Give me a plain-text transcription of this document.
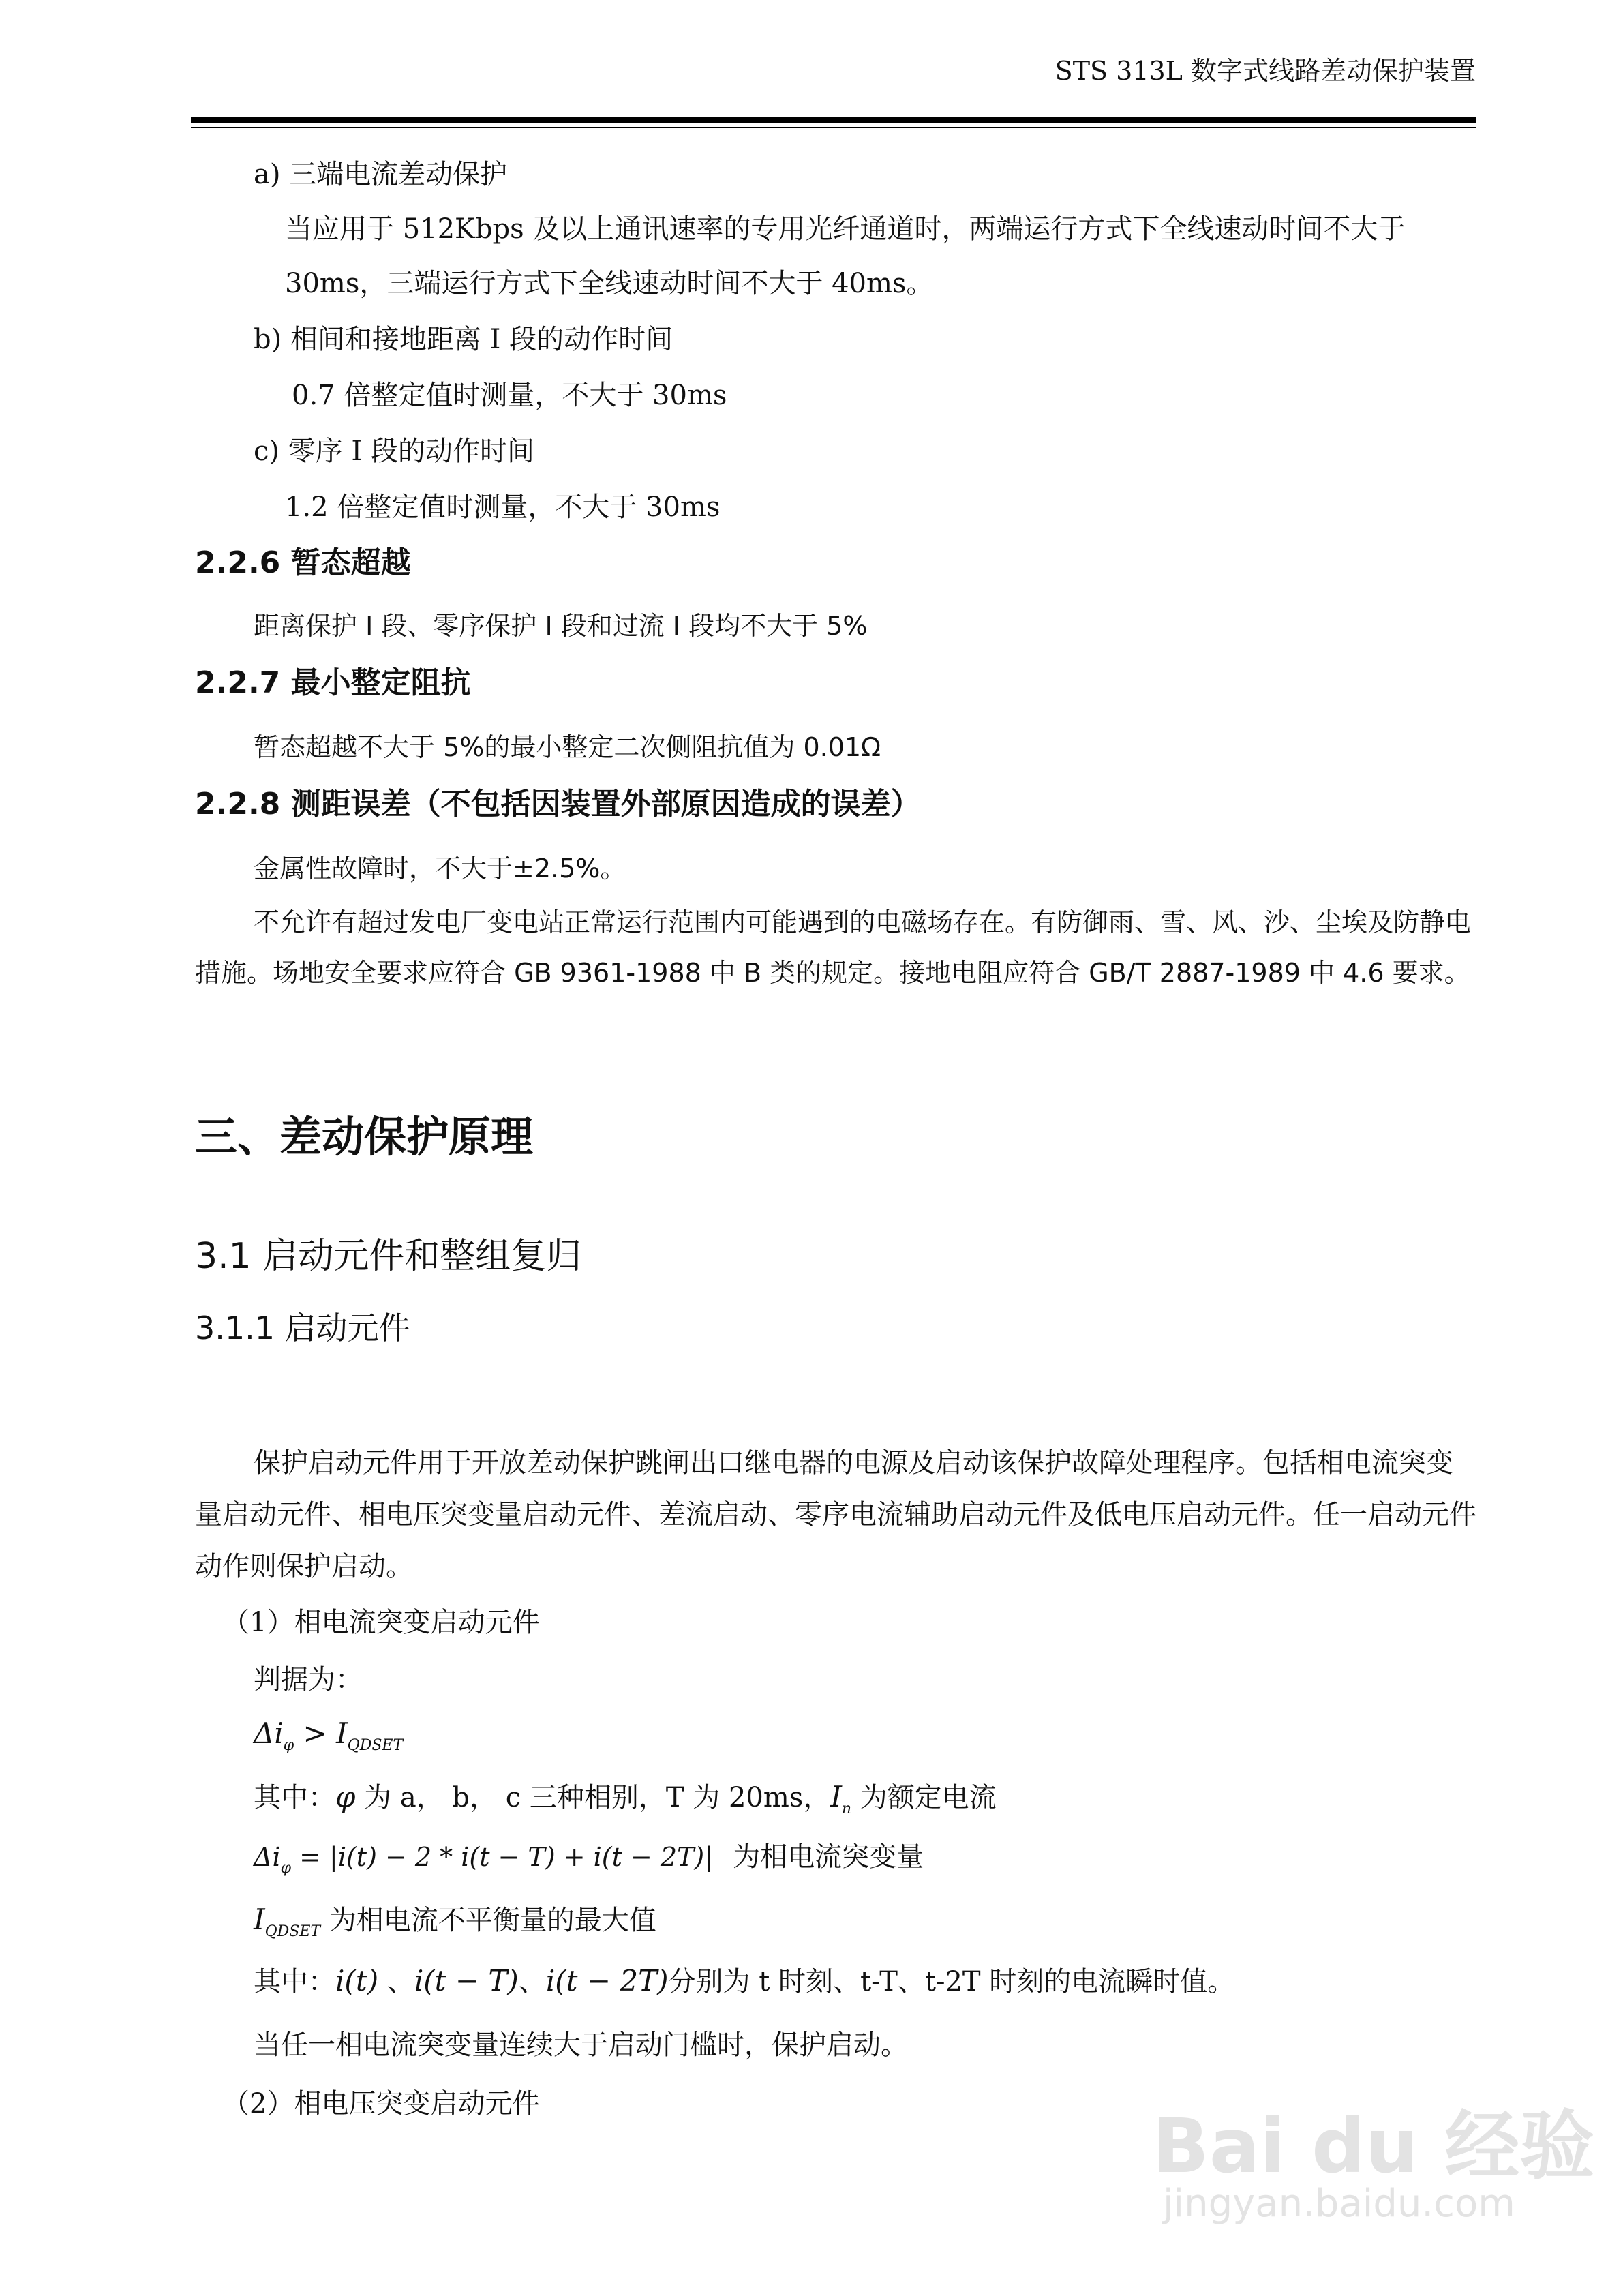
STS 313L 数字式线路差动保护装置
a) 三端电流差动保护
当应用于 512Kbps 及以上通讯速率的专用光纤通道时，两端运行方式下全线速动时间不大于
30ms，三端运行方式下全线速动时间不大于 40ms。
b) 相间和接地距离 I 段的动作时间
0.7 倍整定值时测量，不大于 30ms
c) 零序 I 段的动作时间
1.2 倍整定值时测量，不大于 30ms
2.2.6 暂态超越
距离保护 I 段、零序保护 I 段和过流 I 段均不大于 5%
2.2.7 最小整定阻抗
暂态超越不大于 5%的最小整定二次侧阻抗值为 0.01Ω
2.2.8 测距误差（不包括因装置外部原因造成的误差）
金属性故障时，不大于±2.5%。
不允许有超过发电厂变电站正常运行范围内可能遇到的电磁场存在。有防御雨、雪、风、沙、尘埃及防静电措施。场地安全要求应符合 GB 9361-1988 中 B 类的规定。接地电阻应符合 GB/T 2887-1989 中 4.6 要求。
三、差动保护原理
3.1 启动元件和整组复归
3.1.1 启动元件
保护启动元件用于开放差动保护跳闸出口继电器的电源及启动该保护故障处理程序。包括相电流突变量启动元件、相电压突变量启动元件、差流启动、零序电流辅助启动元件及低电压启动元件。任一启动元件动作则保护启动。
（1）相电流突变启动元件
判据为：
$\Delta i_\varphi > I_{QDSET}$
其中：φ 为 a， b， c 三种相别，T 为 20ms，$I_n$ 为额定电流
Δiφ = |i(t) − 2 * i(t − T) + i(t − 2T)| 为相电流突变量
$I_{QDSET}$ 为相电流不平衡量的最大值
其中：i(t) 、i(t − T)、i(t − 2T)分别为 t 时刻、t-T、t-2T 时刻的电流瞬时值。
当任一相电流突变量连续大于启动门槛时，保护启动。
（2）相电压突变启动元件	Bai du 经验
jingyan.baidu.com
